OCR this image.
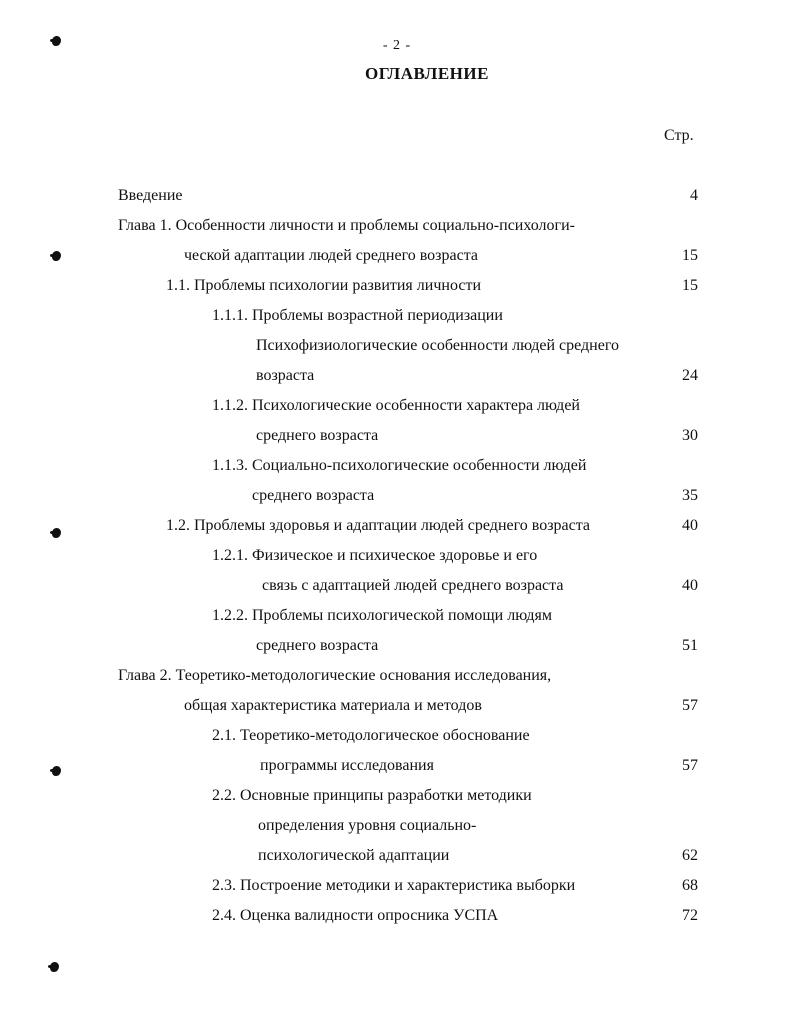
- 2 -
ОГЛАВЛЕНИЕ
Стр.
Введение	4
Глава 1. Особенности личности и проблемы социально-психологи-
ческой адаптации людей среднего возраста	15
1.1. Проблемы психологии развития личности	15
1.1.1. Проблемы возрастной периодизации
Психофизиологические особенности людей среднего
возраста	24
1.1.2. Психологические особенности характера людей
среднего возраста	30
1.1.3. Социально-психологические особенности людей
среднего возраста	35
1.2. Проблемы здоровья и адаптации людей среднего возраста	40
1.2.1. Физическое и психическое здоровье и его
связь с адаптацией людей среднего возраста	40
1.2.2. Проблемы психологической помощи людям
среднего возраста	51
Глава 2. Теоретико-методологические основания исследования,
общая характеристика материала и методов	57
2.1. Теоретико-методологическое обоснование
программы исследования	57
2.2. Основные принципы разработки методики
определения уровня социально-
психологической адаптации	62
2.3. Построение методики и характеристика выборки	68
2.4. Оценка валидности опросника УСПА	72
